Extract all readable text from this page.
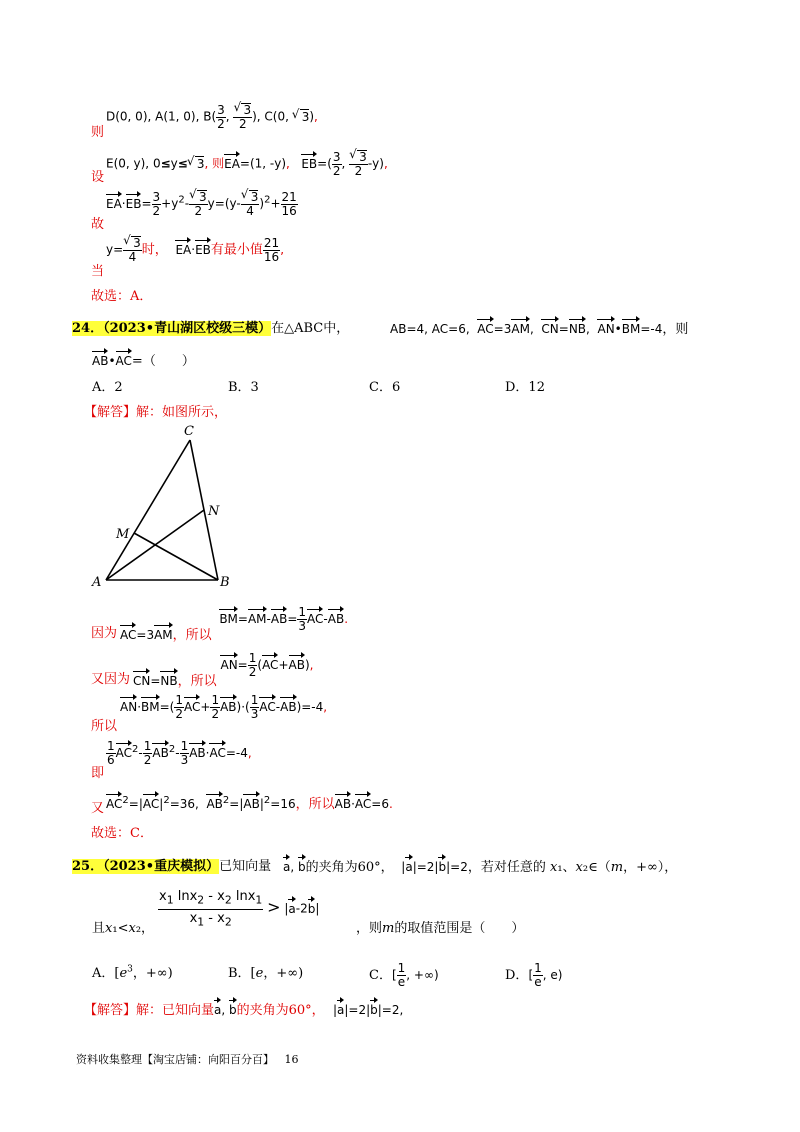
则
D(0, 0), A(1, 0), $B( \frac{3}{2}$ , √ $\frac{3}{2}$ ), C(0, √ 3),
设
E(0, y), 0≤y≤ √ 3, 则EA=(1, -y),   $EB=( \frac{3}{2}$ , √ $\frac{3}{2} -y$),
故
$EA\cdot EB= \frac{3}{2} +y^2-$ √ $\frac{3}{2} y=(y-$ √ $\frac{3}{4} )^2+ \frac{21}{16}$
当
y= √ $\frac{3}{4}$ 时， EA·EB有最小值 $\frac{21}{16}$ ,
故选：A．
24．（2023•青山湖区校级三模）在△ABC中，	AB=4, AC=6,  AC=3AM,  CN=NB,  AN•BM=-4，则
AB•AC=（　　）
A．2	B．3	C．6	D．12
【解答】解：如图所示，
C
N
M
A	B
因为 AC=3AM，所以  $BM=AM-AB= \frac{1}{3} AC-AB$.
又因为 CN=NB，所以 $AN= \frac{1}{2} (AC+AB)$,
所以
$AN\cdot BM=( \frac{1}{2} AC+ \frac{1}{2} AB)\cdot( \frac{1}{3} AC-AB)=-4$,
即
$\frac{1}{6} AC^2- \frac{1}{2} AB^2- \frac{1}{3} AB\cdot AC=-4$,
又 $AC^2=|AC|^2=36$,  $AB^2=|AB|^2=16$，所以AB·AC=6.
故选：C．
25．（2023•重庆模拟）已知向量 a, b的夹角为60°，  |a|=2|b|=2，若对任意的 x₁、x₂∈（m，+∞），
且x₁<x₂， $\frac{x_1 \ln x_2 - x_2 \ln x_1}{x_1 - x_2} > |a-2b|$
，则m的取值范围是（　　）
A．[$e^3$，+∞)	B．[e，+∞)	C．[ $\frac{1}{e}$ , +∞)	D．[ $\frac{1}{e}$ , e)
【解答】解：已知向量a, b的夹角为60°， |a|=2|b|=2,
资料收集整理【淘宝店铺：向阳百分百】 16
